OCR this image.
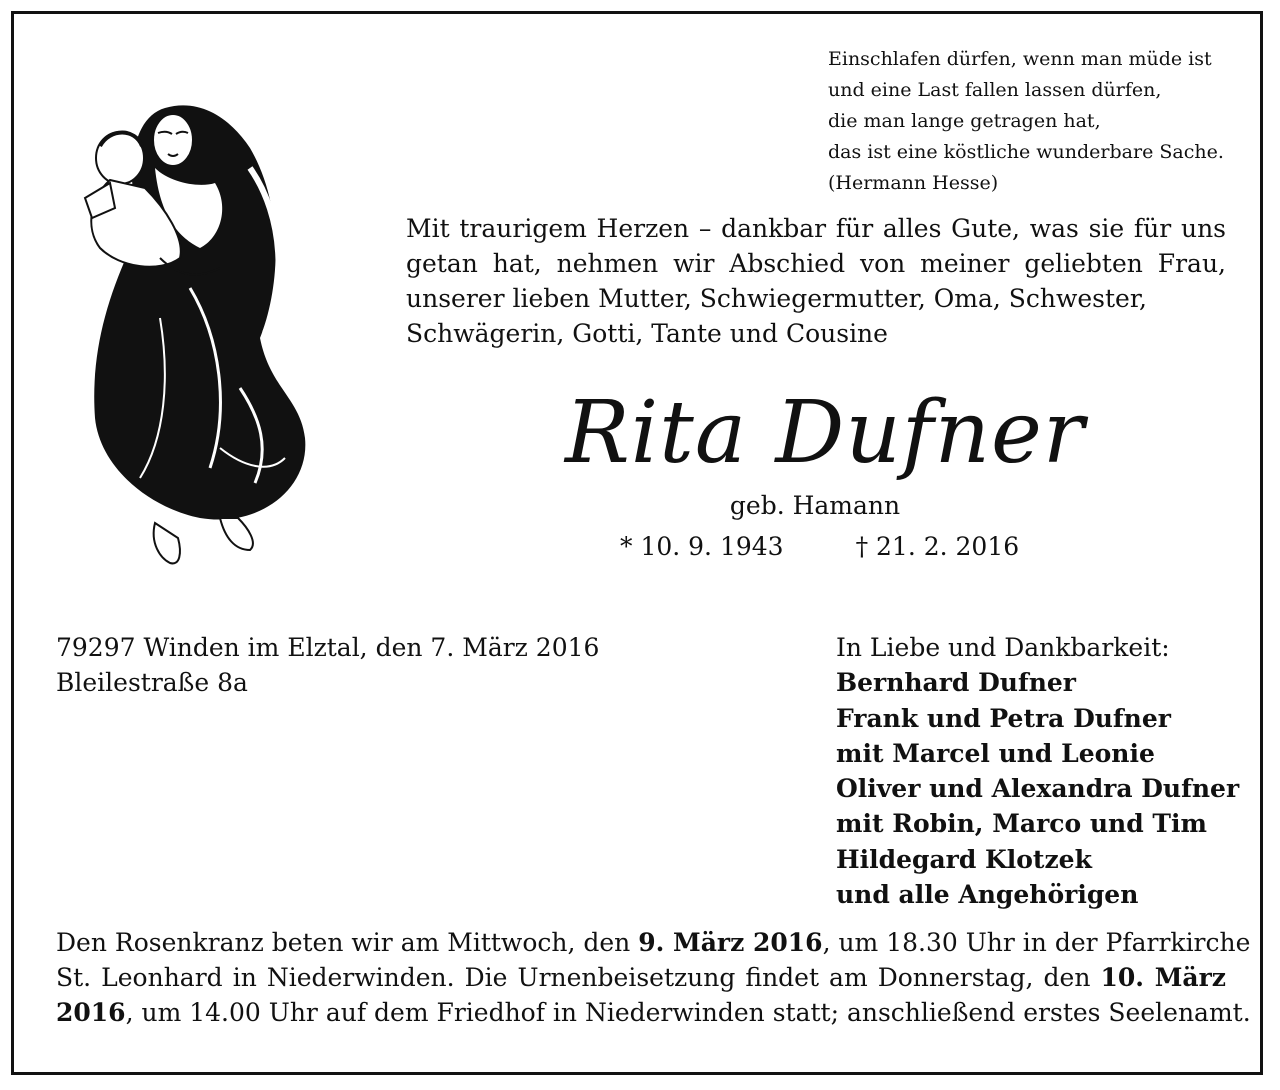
Einschlafen dürfen, wenn man müde ist
und eine Last fallen lassen dürfen,
die man lange getragen hat,
das ist eine köstliche wunderbare Sache.
(Hermann Hesse)
Mit traurigem Herzen – dankbar für alles Gute, was sie für uns
getan hat, nehmen wir Abschied von meiner geliebten Frau,
unserer lieben Mutter, Schwiegermutter, Oma, Schwester,
Schwägerin, Gotti, Tante und Cousine
Rita Dufner
geb. Hamann
* 10. 9. 1943	† 21. 2. 2016
79297 Winden im Elztal, den 7. März 2016
Bleilestraße 8a
In Liebe und Dankbarkeit:
Bernhard Dufner
Frank und Petra Dufner
mit Marcel und Leonie
Oliver und Alexandra Dufner
mit Robin, Marco und Tim
Hildegard Klotzek
und alle Angehörigen
Den Rosenkranz beten wir am Mittwoch, den 9. März 2016, um 18.30 Uhr in der Pfarrkirche
St. Leonhard in Niederwinden. Die Urnenbeisetzung findet am Donnerstag, den 10. März
2016, um 14.00 Uhr auf dem Friedhof in Niederwinden statt; anschließend erstes Seelenamt.
